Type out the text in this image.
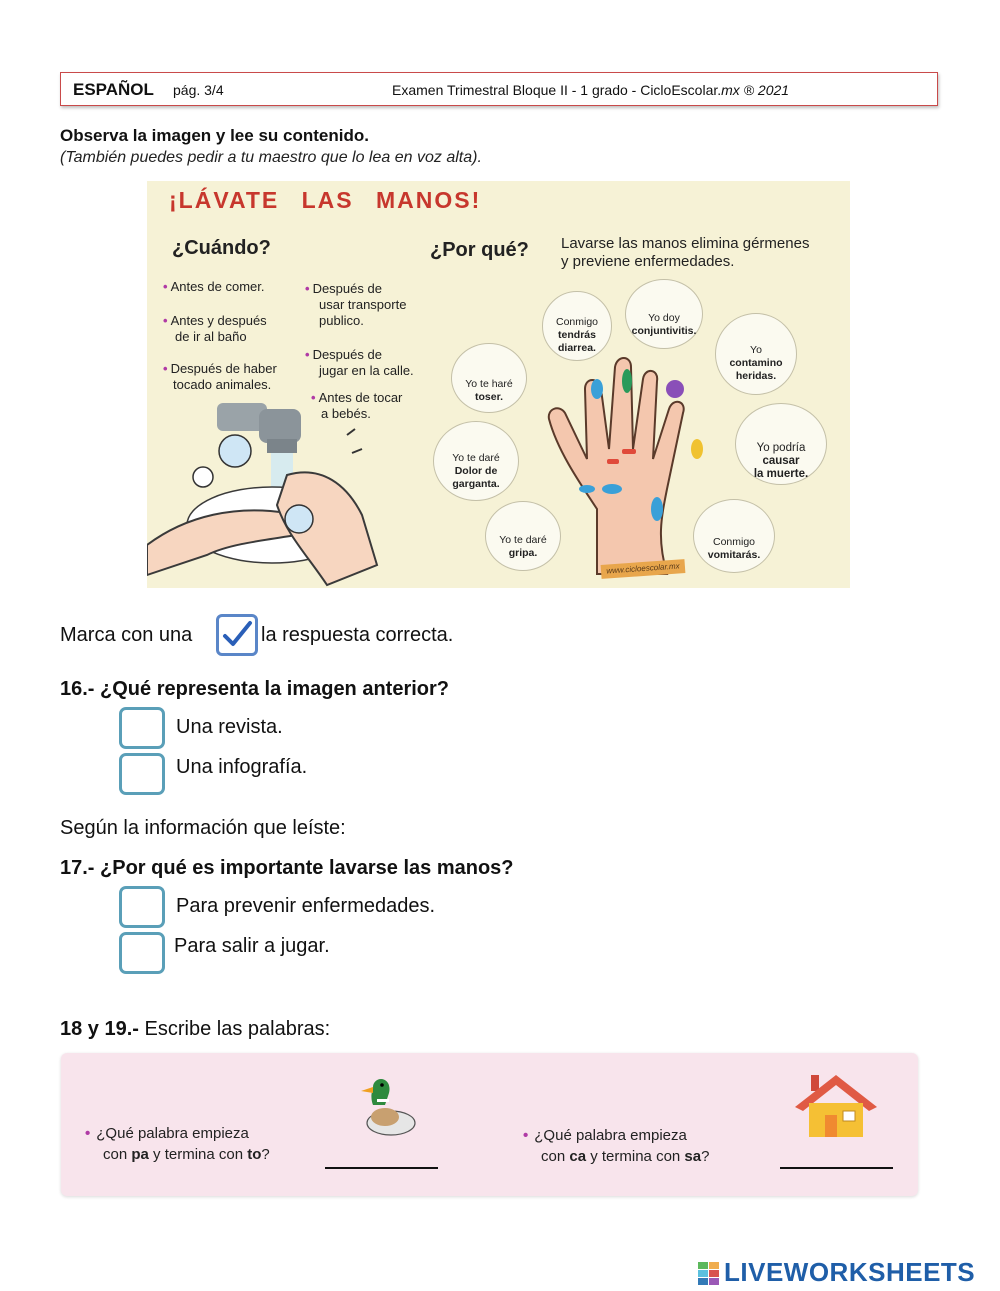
ESPAÑOL pág. 3/4	Examen Trimestral Bloque II - 1 grado - CicloEscolar.mx ® 2021
Observa la imagen y lee su contenido.
(También puedes pedir a tu maestro que lo lea en voz alta).
¡LÁVATE LAS MANOS!
¿Cuándo?	¿Por qué? Lavarse las manos elimina gérmenes
y previene enfermedades.
• Antes de comer.
• Antes y después
de ir al baño
• Después de haber
tocado animales.
• Después de
usar transporte
publico.
• Después de
jugar en la calle.
• Antes de tocar
a bebés.
Conmigo
tendrás
diarrea.
Yo doy
conjuntivitis.
Yo
contamino
heridas.
Yo te haré
toser.
Yo podría
causar
la muerte.
Yo te daré
Dolor de
garganta.
Yo te daré
gripa.
Conmigo
vomitarás.
www.cicloescolar.mx
Marca con una	la respuesta correcta.
16.- ¿Qué representa la imagen anterior?
Una revista.
Una infografía.
Según la información que leíste:
17.- ¿Por qué es importante lavarse las manos?
Para prevenir enfermedades.
Para salir a jugar.
18 y 19.- Escribe las palabras:
• ¿Qué palabra empieza
con pa y termina con to?
• ¿Qué palabra empieza
con ca y termina con sa?
LIVEWORKSHEETS
